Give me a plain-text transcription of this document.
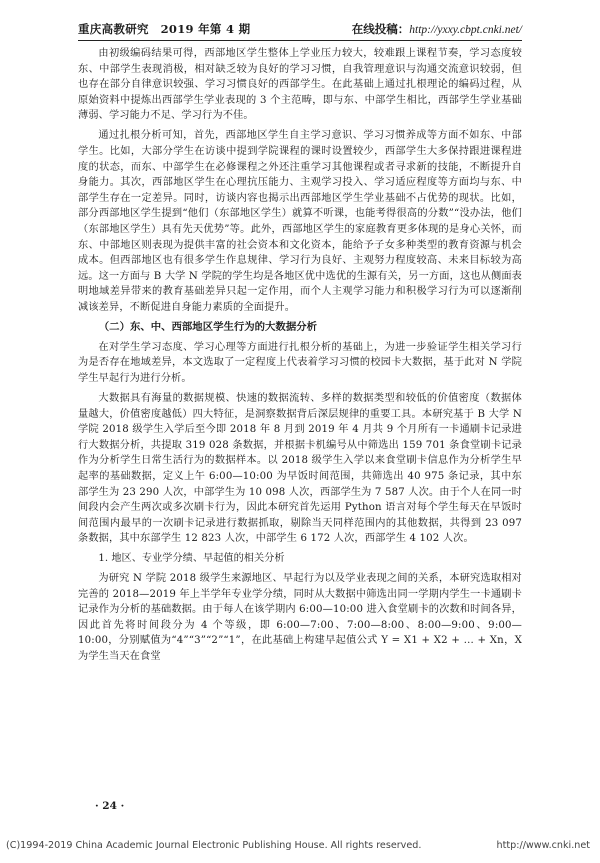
重庆高教研究　2019 年第 4 期	在线投稿：http://yxxy.cbpt.cnki.net/

由初级编码结果可得，西部地区学生整体上学业压力较大，较难跟上课程节奏，学习态度较东、中部学生表现消极，相对缺乏较为良好的学习习惯，自我管理意识与沟通交流意识较弱，但也存在部分自律意识较强、学习习惯良好的西部学生。在此基础上通过扎根理论的编码过程，从原始资料中提炼出西部学生学业表现的 3 个主范畴，即与东、中部学生相比，西部学生学业基础薄弱、学习能力不足、学习行为不佳。

通过扎根分析可知，首先，西部地区学生自主学习意识、学习习惯养成等方面不如东、中部学生。比如，大部分学生在访谈中提到学院课程的课时设置较少，西部学生大多保持跟进课程进度的状态，而东、中部学生在必修课程之外还注重学习其他课程或者寻求新的技能，不断提升自身能力。其次，西部地区学生在心理抗压能力、主观学习投入、学习适应程度等方面均与东、中部学生存在一定差异。同时，访谈内容也揭示出西部地区学生学业基础不占优势的现状。比如，部分西部地区学生提到“他们（东部地区学生）就算不听课，也能考得很高的分数”“没办法，他们（东部地区学生）具有先天优势”等。此外，西部地区学生的家庭教育更多体现的是身心关怀，而东、中部地区则表现为提供丰富的社会资本和文化资本，能给予子女多种类型的教育资源与机会成本。但西部地区也有很多学生作息规律、学习行为良好、主观努力程度较高、未来目标较为高远。这一方面与 B 大学 N 学院的学生均是各地区优中选优的生源有关，另一方面，这也从侧面表明地域差异带来的教育基础差异只起一定作用，而个人主观学习能力和积极学习行为可以逐渐削减该差异，不断促进自身能力素质的全面提升。

（二）东、中、西部地区学生行为的大数据分析

在对学生学习态度、学习心理等方面进行扎根分析的基础上，为进一步验证学生相关学习行为是否存在地域差异，本文选取了一定程度上代表着学习习惯的校园卡大数据，基于此对 N 学院学生早起行为进行分析。

大数据具有海量的数据规模、快速的数据流转、多样的数据类型和较低的价值密度（数据体量越大，价值密度越低）四大特征，是洞察数据背后深层规律的重要工具。本研究基于 B 大学 N 学院 2018 级学生入学后至今即 2018 年 8 月到 2019 年 4 月共 9 个月所有一卡通刷卡记录进行大数据分析，共提取 319 028 条数据，并根据卡机编号从中筛选出 159 701 条食堂刷卡记录作为分析学生日常生活行为的数据样本。以 2018 级学生入学以来食堂刷卡信息作为分析学生早起率的基础数据，定义上午 6:00—10:00 为早饭时间范围，共筛选出 40 975 条记录，其中东部学生为 23 290 人次，中部学生为 10 098 人次，西部学生为 7 587 人次。由于个人在同一时间段内会产生两次或多次刷卡行为，因此本研究首先运用 Python 语言对每个学生每天在早饭时间范围内最早的一次刷卡记录进行数据抓取，剔除当天同样范围内的其他数据，共得到 23 097 条数据，其中东部学生 12 823 人次，中部学生 6 172 人次，西部学生 4 102 人次。

1. 地区、专业学分绩、早起值的相关分析

为研究 N 学院 2018 级学生来源地区、早起行为以及学业表现之间的关系，本研究选取相对完善的 2018—2019 年上半学年专业学分绩，同时从大数据中筛选出同一学期内学生一卡通刷卡记录作为分析的基础数据。由于每人在该学期内 6:00—10:00 进入食堂刷卡的次数和时间各异，因此首先将时间段分为 4 个等级，即 6:00—7:00、7:00—8:00、8:00—9:00、9:00—10:00，分别赋值为“4”“3”“2”“1”，在此基础上构建早起值公式 Y = X1 + X2 + … + Xn，X 为学生当天在食堂

· 24 ·
(C)1994-2019 China Academic Journal Electronic Publishing House. All rights reserved.	http://www.cnki.net
